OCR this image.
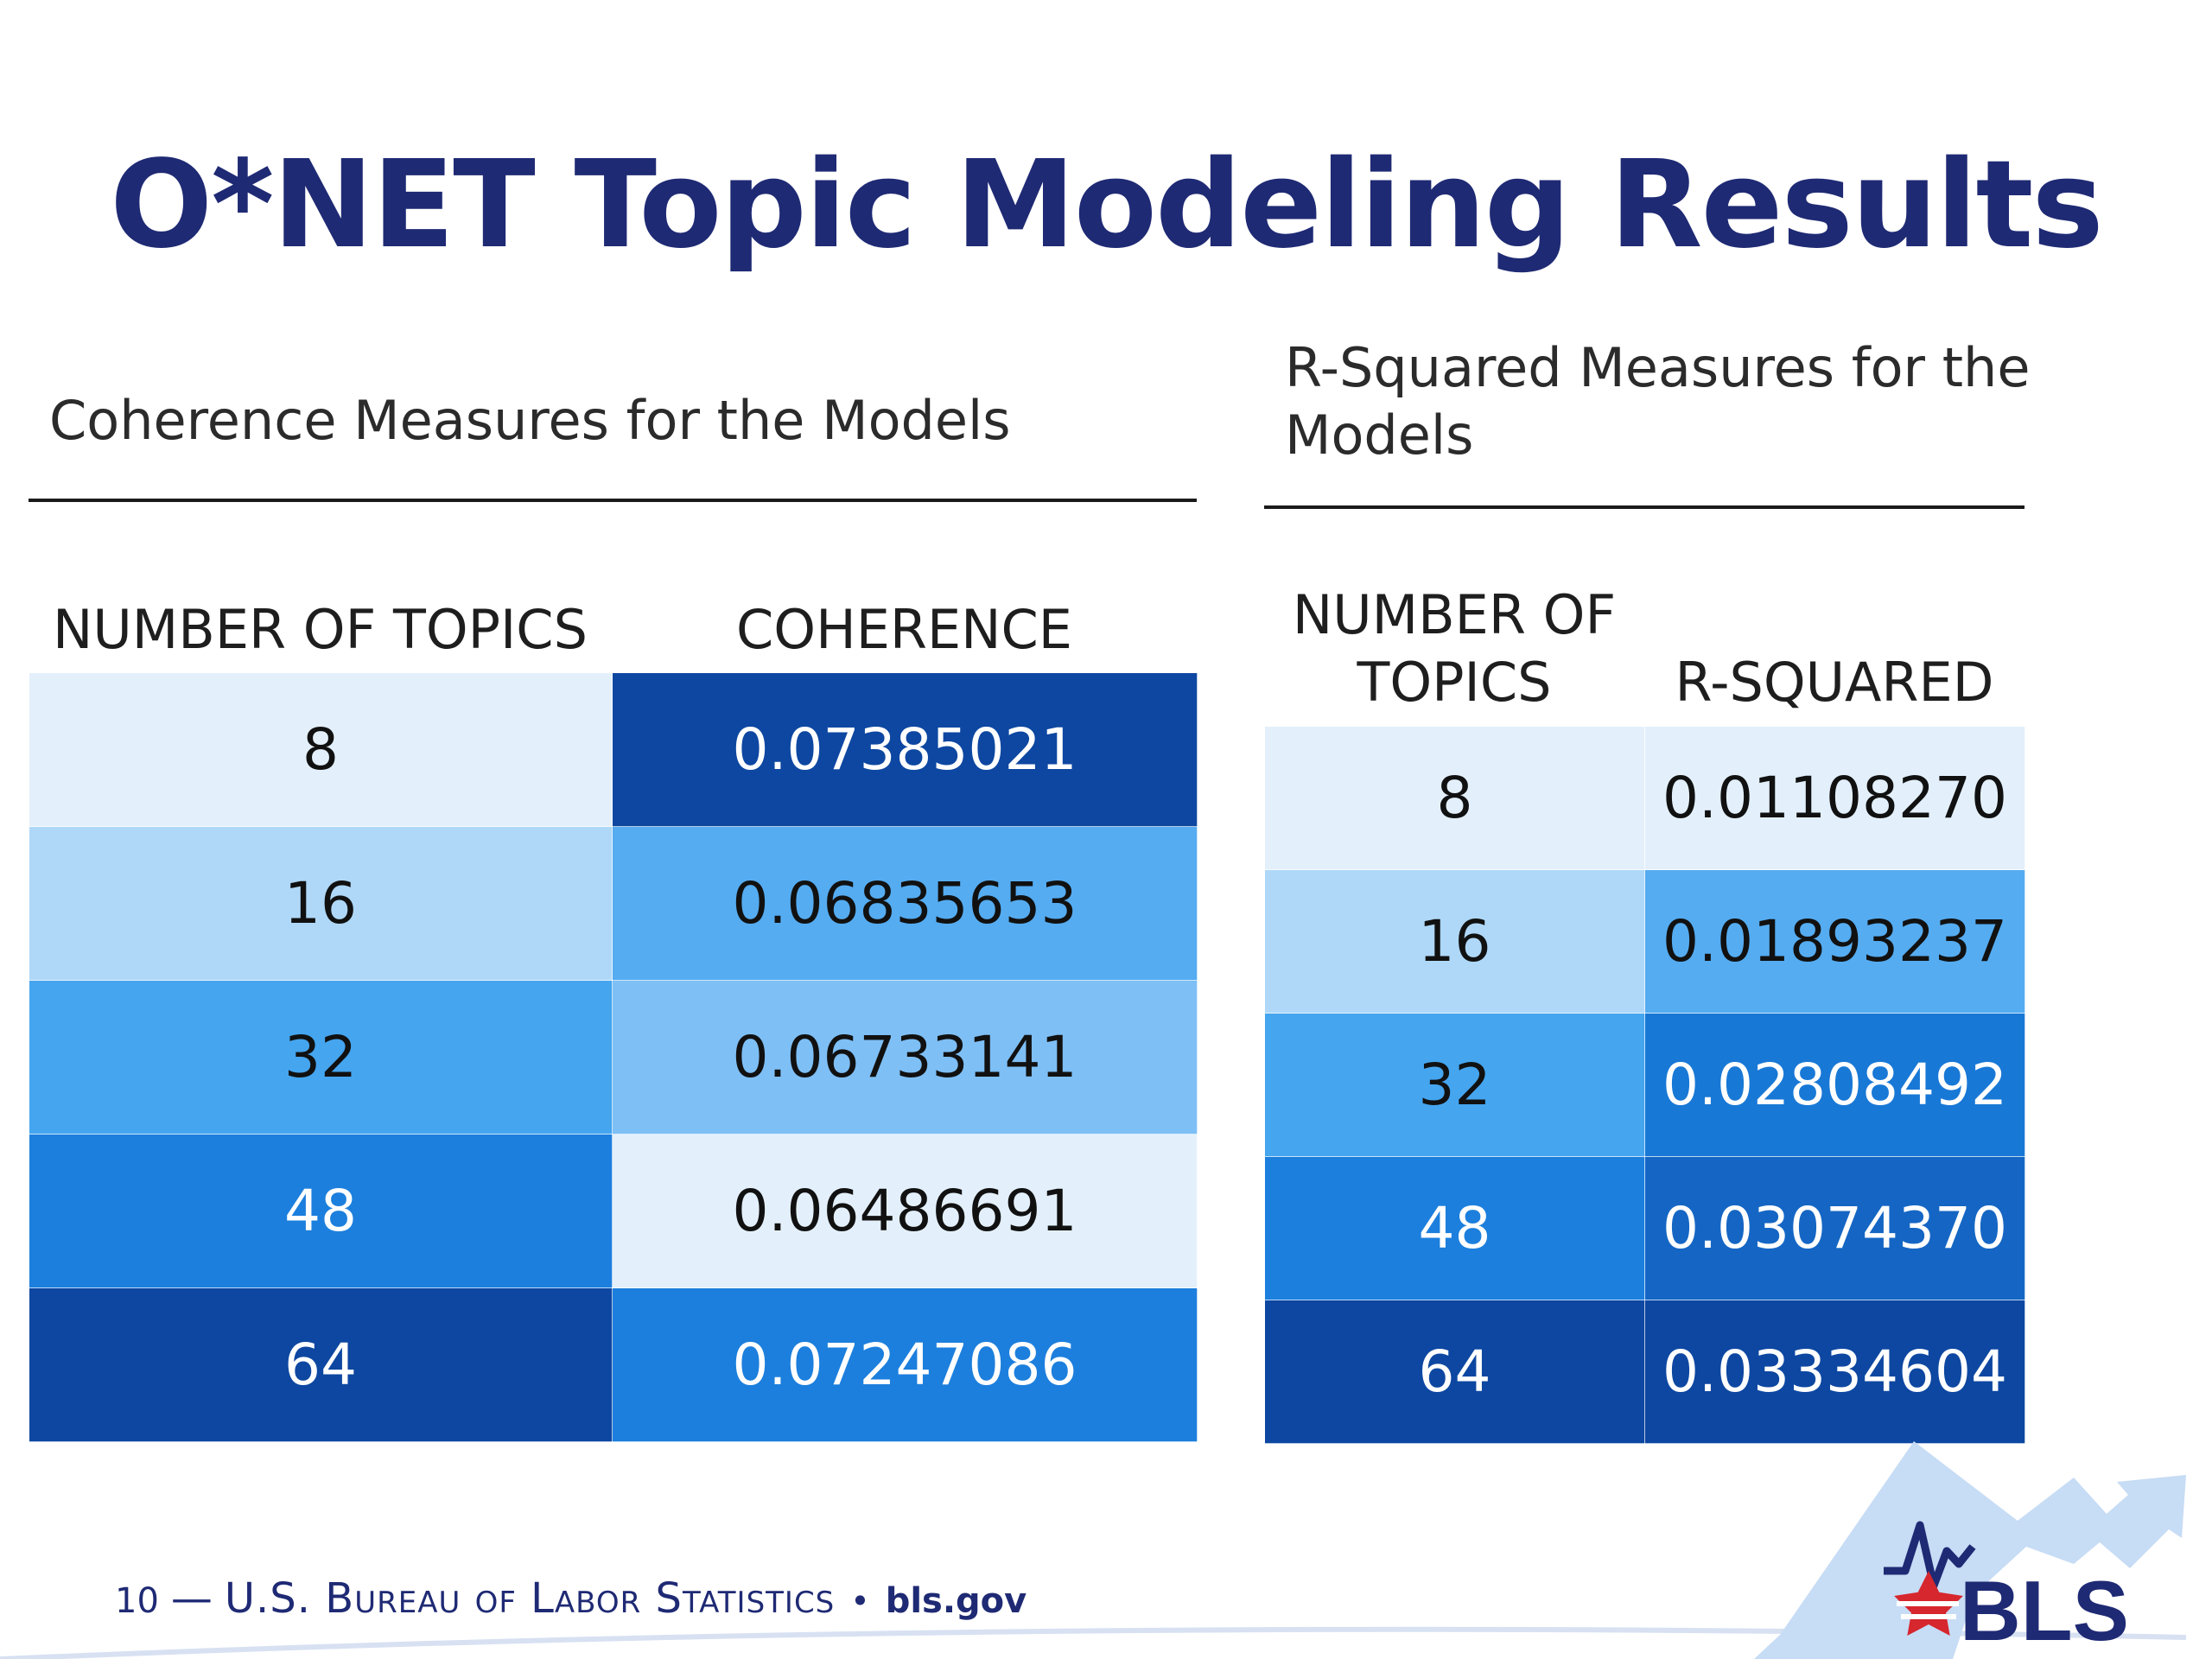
O*NET Topic Modeling Results
Coherence Measures for the Models
NUMBER OF TOPICS	COHERENCE
8	0.07385021
16	0.06835653
32	0.06733141
48	0.06486691
64	0.07247086
R-Squared Measures for the
Models
NUMBER OF
TOPICS	R-SQUARED
8	0.01108270
16	0.01893237
32	0.02808492
48	0.03074370
64	0.03334604
10 — U.S. Bureau of Labor Statistics • bls.gov	BLS
